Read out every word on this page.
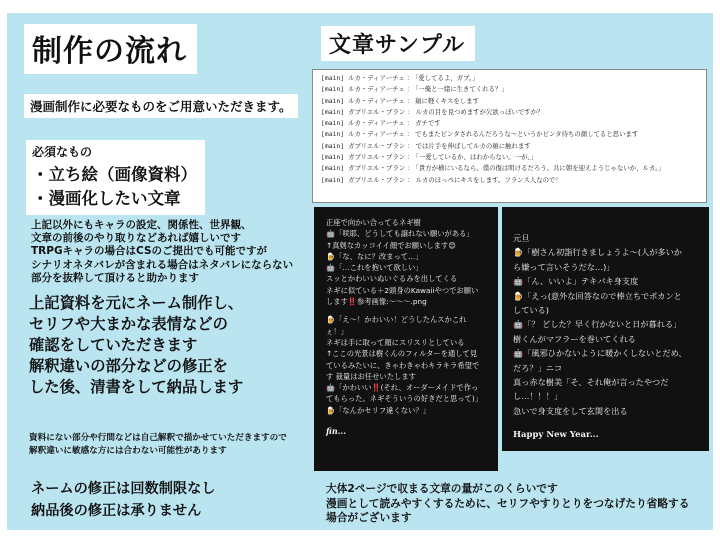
制作の流れ
漫画制作に必要なものをご用意いただきます。
必須なもの
・立ち絵（画像資料）
・漫画化したい文章
上記以外にもキャラの設定、関係性、世界観、
文章の前後のやり取りなどあれば嬉しいです
TRPGキャラの場合はCSのご提出でも可能ですが
シナリオネタバレが含まれる場合はネタバレにならない
部分を抜粋して頂けると助かります
上記資料を元にネーム制作し、
セリフや大まかな表情などの
確認をしていただきます
解釈違いの部分などの修正を
した後、清書をして納品します
資料にない部分や行間などは自己解釈で描かせていただきますので
解釈違いに敏感な方には合わない可能性があります
ネームの修正は回数制限なし
納品後の修正は承りません
文章サンプル
[main] ルカ・ディアーチェ ： 「愛してるよ、ガブ。」
[main] ルカ・ディアーチェ ： 「一俺と一緒に生きてくれる？」
[main] ルカ・ディアーチェ ： 頬に軽くキスをします
[main] ガブリエル・ブラン ： ルカの目を見つめますが欠欲っぽいですか？
[main] ルカ・ディアーチェ ： ガチです
[main] ルカ・ディアーチェ ： でもまたピンタされるんだろうな〜というかピンタ待ちの顔してると思います
[main] ガブリエル・ブラン ： では片手を伸ばしてルカの頬に触れます
[main] ガブリエル・ブラン ： 「一愛しているか、はわからない。一が、」
[main] ガブリエル・ブラン ： 「貴方が横にいるなら、僕の復は明けるだろう。共に朝を迎えようじゃないか、ルカ。」
[main] ガブリエル・ブラン ： ルカのほっぺにキスをします。フランス人なので！
正座で向かい合ってるネギ樹
🤖「咲耶、どうしても譲れない願いがある」
↑真剣なカッコイイ顔でお願いします😊
🍺「な、なに？改まって…」
🤖「…これを抱いて欲しい」
スッとかわいいぬいぐるみを出してくる
ネギに似ている＋2頭身のKawaiiやつでお願い
します‼️参考画像:〜〜〜.png
🍺「え〜！かわいい！どうしたんスかこれ
ぇ！」
ネギは手に取って顔にスリスリとしている
↑ここの光景は樹くんのフィルターを通して見
ているみたいに、きゃわきゃわキラキラ希望で
す 裁量はお任せいたします
🤖「かわいい‼️(それ、オーダーメイドで作っ
てもらった。ネギそういうの好きだと思って)」
🍺「なんかセリフ違くない？」
fin...
元旦
🍺「樹さん初詣行きましょうよ〜(人が多いか
ら嫌って言いそうだな…)」
🤖「ん、いいよ」テキパキ身支度
🍺「えっ(意外な回答なので棒立ちでポカンと
している)
🤖「？ どした？早く行かないと日が暮れる」
樹くんがマフラーを巻いてくれる
🤖「風邪ひかないように暖かくしないとだめ、
だろ？」ニコ
真っ赤な樹美「そ、それ俺が言ったやつだ
し…！！！」
急いで身支度をして玄関を出る
Happy New Year...
大体2ページで収まる文章の量がこのくらいです
漫画として読みやすくするために、セリフやすりとりをつなげたり省略する
場合がございます
